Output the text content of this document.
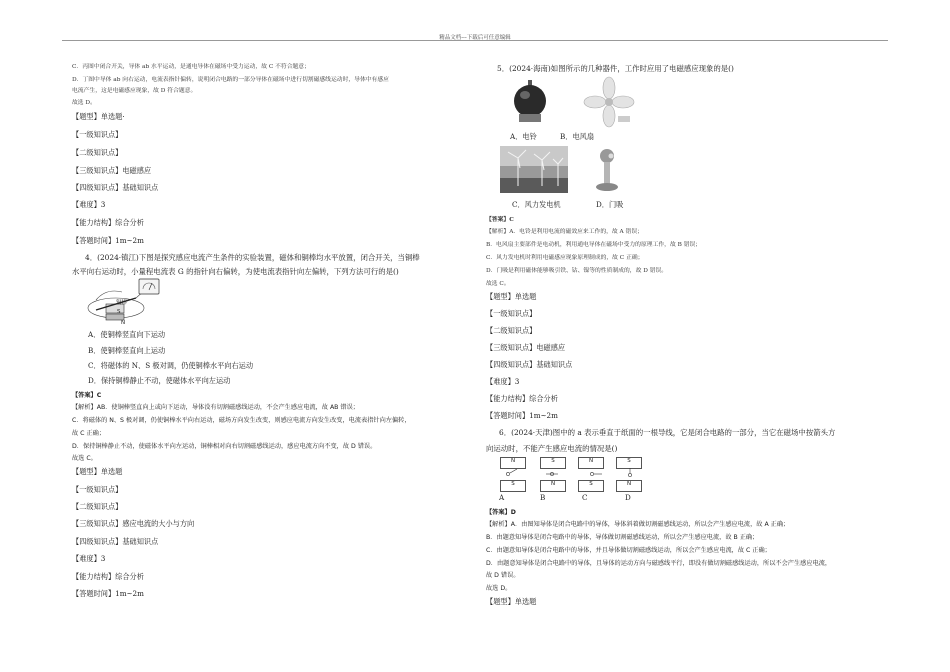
精品文档---下载后可任意编辑
C．丙图中闭合开关，导体 ab 水平运动，是通电导体在磁场中受力运动，故 C 不符合题意；
D．丁图中导体 ab 向右运动，电流表指针偏转，说明闭合电路的一部分导体在磁场中进行切割磁感线运动时，导体中有感应
电流产生，这是电磁感应现象，故 D 符合题意。
故选 D。
【题型】单选题·
【一级知识点】
【二级知识点】
【三级知识点】电磁感应
【四级知识点】基础知识点
【难度】3
【能力结构】综合分析
【答题时间】1m~2m
4．(2024·镇江)下图是探究感应电流产生条件的实验装置，磁体和铜棒均水平放置，闭合开关，当铜棒
水平向右运动时，小量程电流表 G 的指针向右偏转，为使电流表指针向左偏转，下列方法可行的是()
铜棒
S
N
A．使铜棒竖直向下运动
B．使铜棒竖直向上运动
C．将磁体的 N、S 极对调，仍使铜棒水平向右运动
D．保持铜棒静止不动，使磁体水平向左运动
【答案】C
【解析】AB．使铜棒竖直向上或向下运动，导体没有切割磁感线运动，不会产生感应电流，故 AB 错误；
C．将磁体的 N、S 极对调，仍使铜棒水平向右运动，磁场方向发生改变，则感应电流方向发生改变，电流表指针向左偏转，
故 C 正确；
D．保持铜棒静止不动，使磁体水平向左运动，铜棒相对向右切割磁感线运动，感应电流方向不变，故 D 错误。
故选 C。
【题型】单选题
【一级知识点】
【二级知识点】
【三级知识点】感应电流的大小与方向
【四级知识点】基础知识点
【难度】3
【能力结构】综合分析
【答题时间】1m~2m
5．(2024·海南)如图所示的几种器件，工作时应用了电磁感应现象的是()
A．电铃	B．电风扇
C．风力发电机	D．门吸
【答案】C
【解析】A．电铃是利用电流的磁效应来工作的，故 A 错误；
B．电风扇主要部件是电动机，利用通电导体在磁场中受力的原理工作，故 B 错误；
C．风力发电机时利用电磁感应现象原理制成的，故 C 正确；
D．门吸是利用磁体能够吸引铁、钴、镍等的性质制成的，故 D 错误。
故选 C。
【题型】单选题
【一级知识点】
【二级知识点】
【三级知识点】电磁感应
【四级知识点】基础知识点
【难度】3
【能力结构】综合分析
【答题时间】1m~2m
6．(2024·天津)图中的 a 表示垂直于纸面的一根导线，它是闭合电路的一部分，当它在磁场中按箭头方
向运动时，不能产生感应电流的情况是()
N
S
S
N
N
S
S
N
A	B	C	D
【答案】D
【解析】A．由图知导体是闭合电路中的导体，导体斜着做切割磁感线运动，所以会产生感应电流，故 A 正确；
B．由题意知导体是闭合电路中的导体，导体做切割磁感线运动，所以会产生感应电流，故 B 正确；
C．由题意知导体是闭合电路中的导体，并且导体做切割磁感线运动，所以会产生感应电流，故 C 正确；
D．由题意知导体是闭合电路中的导体，且导体的运动方向与磁感线平行，即没有做切割磁感线运动，所以不会产生感应电流，
故 D 错误。
故选 D。
【题型】单选题
